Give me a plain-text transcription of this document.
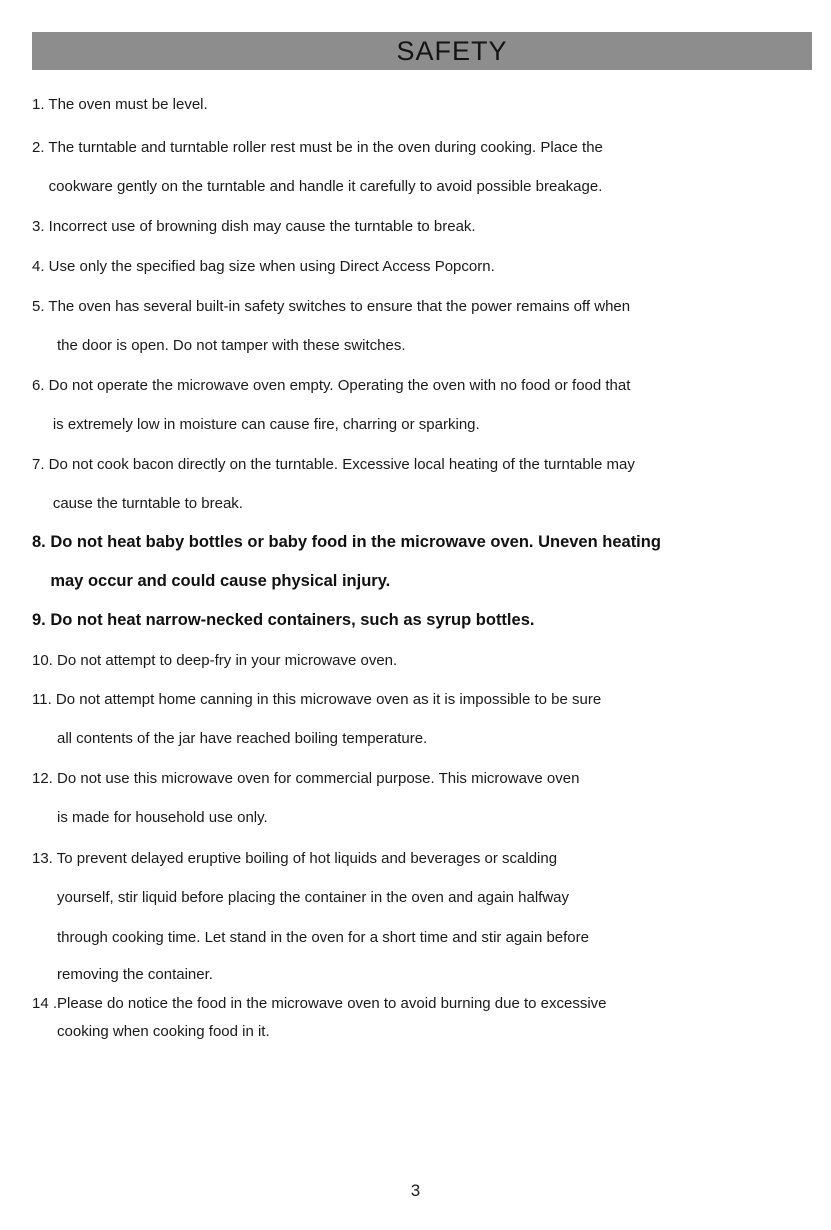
SAFETY
1. The oven must be level.
2. The turntable and turntable roller rest must be in the oven during cooking. Place the
cookware gently on the turntable and handle it carefully to avoid possible breakage.
3. Incorrect use of browning dish may cause the turntable to break.
4. Use only the specified bag size when using Direct Access Popcorn.
5. The oven has several built-in safety switches to ensure that the power remains off when
the door is open. Do not tamper with these switches.
6. Do not operate the microwave oven empty. Operating the oven with no food or food that
is extremely low in moisture can cause fire, charring or sparking.
7. Do not cook bacon directly on the turntable. Excessive local heating of the turntable may
cause the turntable to break.
8. Do not heat baby bottles or baby food in the microwave oven. Uneven heating
may occur and could cause physical injury.
9. Do not heat narrow-necked containers, such as syrup bottles.
10. Do not attempt to deep-fry in your microwave oven.
11. Do not attempt home canning in this microwave oven as it is impossible to be sure
all contents of the jar have reached boiling temperature.
12. Do not use this microwave oven for commercial purpose. This microwave oven
is made for household use only.
13. To prevent delayed eruptive boiling of hot liquids and beverages or scalding
yourself, stir liquid before placing the container in the oven and again halfway
through cooking time. Let stand in the oven for a short time and stir again before
removing the container.
14 .Please do notice the food in the microwave oven to avoid burning due to excessive
cooking when cooking food in it.
3
